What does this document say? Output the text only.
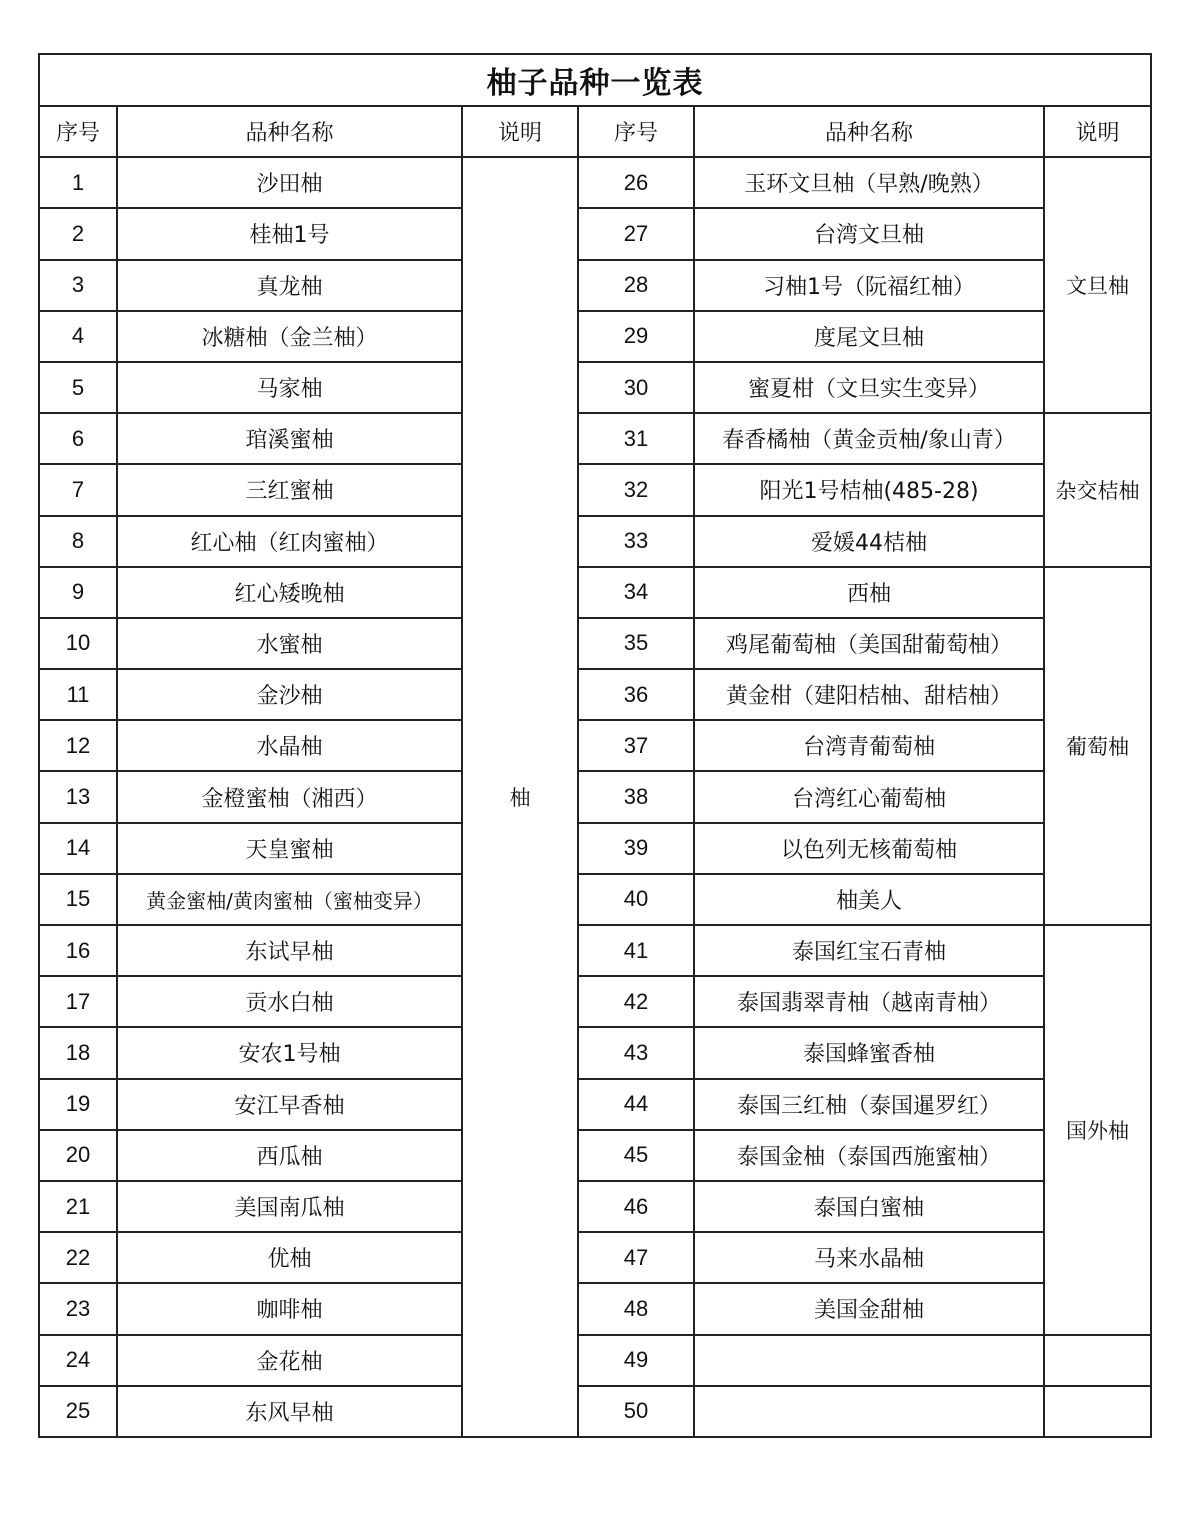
柚子品种一览表					
序号	品种名称	说明	序号	品种名称	说明
1	沙田柚	柚	26	玉环文旦柚（早熟/晚熟）	文旦柚
2	桂柚1号		27	台湾文旦柚	
3	真龙柚		28	习柚1号（阮福红柚）	
4	冰糖柚（金兰柚）		29	度尾文旦柚	
5	马家柚		30	蜜夏柑（文旦实生变异）	
6	琯溪蜜柚		31	春香橘柚（黄金贡柚/象山青）	杂交桔柚
7	三红蜜柚		32	阳光1号桔柚(485-28)	
8	红心柚（红肉蜜柚）		33	爱媛44桔柚	
9	红心矮晚柚		34	西柚	葡萄柚
10	水蜜柚		35	鸡尾葡萄柚（美国甜葡萄柚）	
11	金沙柚		36	黄金柑（建阳桔柚、甜桔柚）	
12	水晶柚		37	台湾青葡萄柚	
13	金橙蜜柚（湘西）		38	台湾红心葡萄柚	
14	天皇蜜柚		39	以色列无核葡萄柚	
15	黄金蜜柚/黄肉蜜柚（蜜柚变异）		40	柚美人	
16	东试早柚		41	泰国红宝石青柚	国外柚
17	贡水白柚		42	泰国翡翠青柚（越南青柚）	
18	安农1号柚		43	泰国蜂蜜香柚	
19	安江早香柚		44	泰国三红柚（泰国暹罗红）	
20	西瓜柚		45	泰国金柚（泰国西施蜜柚）	
21	美国南瓜柚		46	泰国白蜜柚	
22	优柚		47	马来水晶柚	
23	咖啡柚		48	美国金甜柚	
24	金花柚		49		
25	东风早柚		50		
